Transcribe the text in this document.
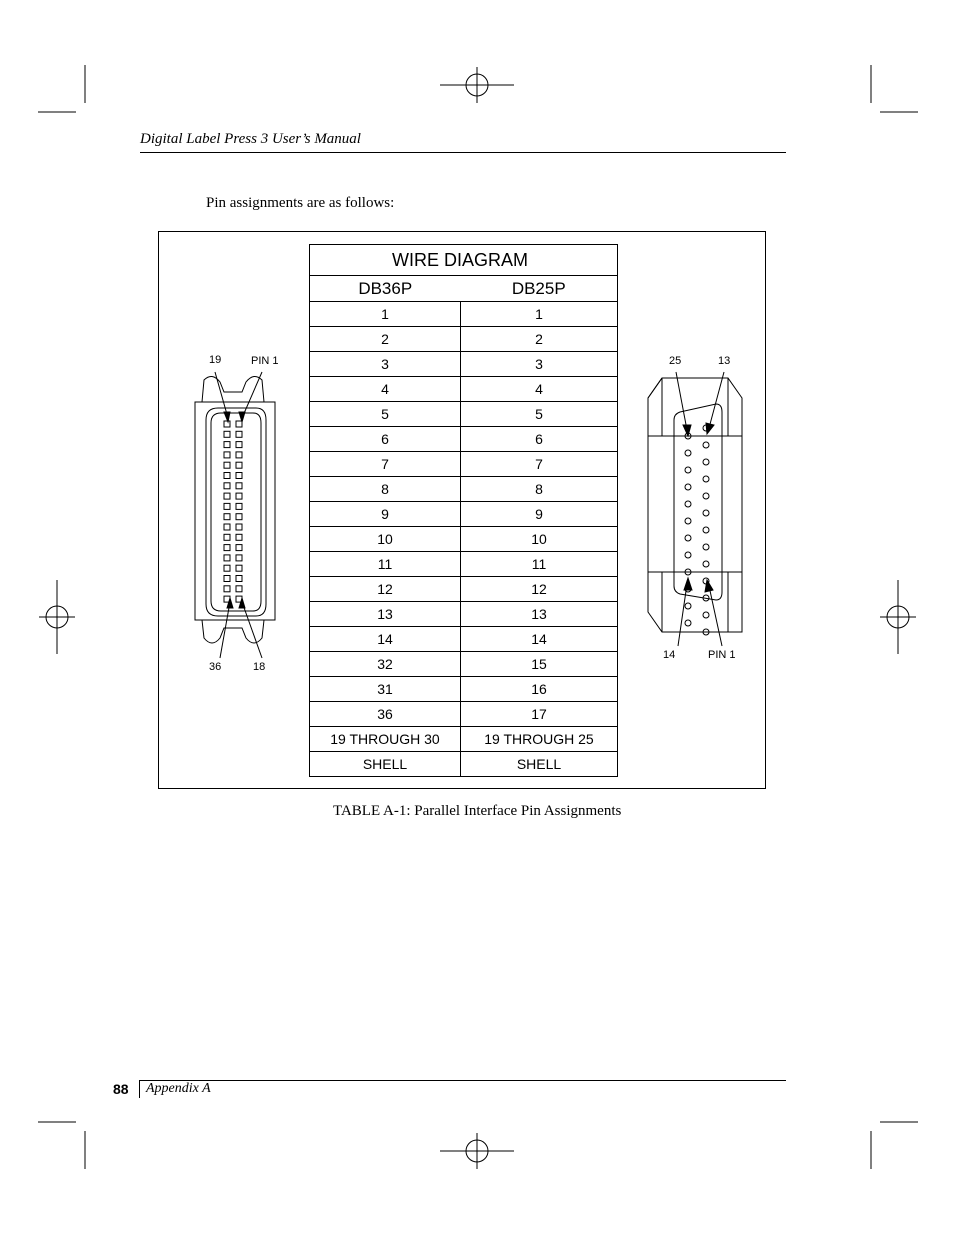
Digital Label Press 3 User’s Manual
Pin assignments are as follows:
19	PIN 1
36	18
25	13
14	PIN 1
WIRE DIAGRAM	
DB36P	DB25P
1	1
2	2
3	3
4	4
5	5
6	6
7	7
8	8
9	9
10	10
11	11
12	12
13	13
14	14
32	15
31	16
36	17
19 THROUGH 30	19 THROUGH 25
SHELL	SHELL
TABLE A-1: Parallel Interface Pin Assignments
88 Appendix A
